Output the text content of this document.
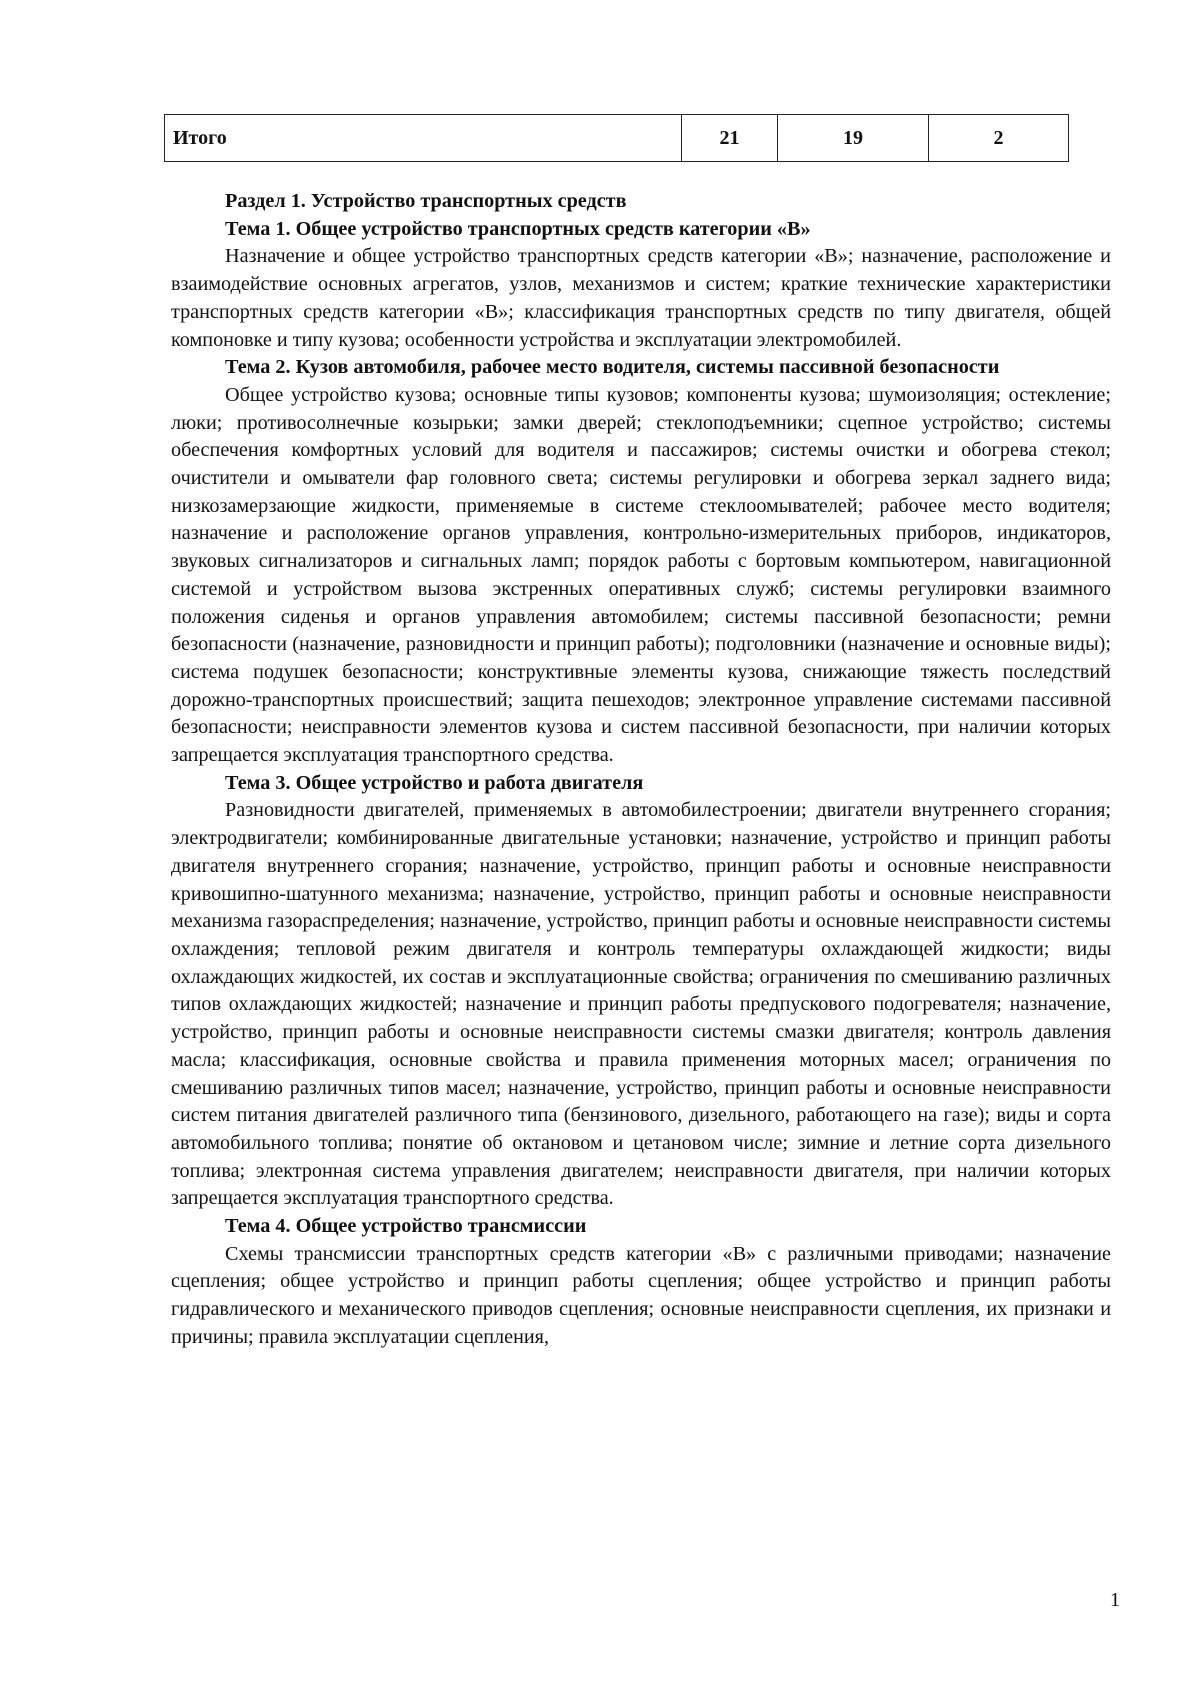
Итого	21	19	2
Раздел 1. Устройство транспортных средств
Тема 1. Общее устройство транспортных средств категории «В»

Назначение и общее устройство транспортных средств категории «В»; назначение, расположение и взаимодействие основных агрегатов, узлов, механизмов и систем; краткие технические характеристики транспортных средств категории «В»; классификация транспортных средств по типу двигателя, общей компоновке и типу кузова; особенности устройства и эксплуатации электромобилей.

Тема 2. Кузов автомобиля, рабочее место водителя, системы пассивной безопасности

Общее устройство кузова; основные типы кузовов; компоненты кузова; шумоизоляция; остекление; люки; противосолнечные козырьки; замки дверей; стеклоподъемники; сцепное устройство; системы обеспечения комфортных условий для водителя и пассажиров; системы очистки и обогрева стекол; очистители и омыватели фар головного света; системы регулировки и обогрева зеркал заднего вида; низкозамерзающие жидкости, применяемые в системе стеклоомывателей; рабочее место водителя; назначение и расположение органов управления, контрольно-измерительных приборов, индикаторов, звуковых сигнализаторов и сигнальных ламп; порядок работы с бортовым компьютером, навигационной системой и устройством вызова экстренных оперативных служб; системы регулировки взаимного положения сиденья и органов управления автомобилем; системы пассивной безопасности; ремни безопасности (назначение, разновидности и принцип работы); подголовники (назначение и основные виды); система подушек безопасности; конструктивные элементы кузова, снижающие тяжесть последствий дорожно-транспортных происшествий; защита пешеходов; электронное управление системами пассивной безопасности; неисправности элементов кузова и систем пассивной безопасности, при наличии которых запрещается эксплуатация транспортного средства.

Тема 3. Общее устройство и работа двигателя

Разновидности двигателей, применяемых в автомобилестроении; двигатели внутреннего сгорания; электродвигатели; комбинированные двигательные установки; назначение, устройство и принцип работы двигателя внутреннего сгорания; назначение, устройство, принцип работы и основные неисправности кривошипно-шатунного механизма; назначение, устройство, принцип работы и основные неисправности механизма газораспределения; назначение, устройство, принцип работы и основные неисправности системы охлаждения; тепловой режим двигателя и контроль температуры охлаждающей жидкости; виды охлаждающих жидкостей, их состав и эксплуатационные свойства; ограничения по смешиванию различных типов охлаждающих жидкостей; назначение и принцип работы предпускового подогревателя; назначение, устройство, принцип работы и основные неисправности системы смазки двигателя; контроль давления масла; классификация, основные свойства и правила применения моторных масел; ограничения по смешиванию различных типов масел; назначение, устройство, принцип работы и основные неисправности систем питания двигателей различного типа (бензинового, дизельного, работающего на газе); виды и сорта автомобильного топлива; понятие об октановом и цетановом числе; зимние и летние сорта дизельного топлива; электронная система управления двигателем; неисправности двигателя, при наличии которых запрещается эксплуатация транспортного средства.

Тема 4. Общее устройство трансмиссии

Схемы трансмиссии транспортных средств категории «В» с различными приводами; назначение сцепления; общее устройство и принцип работы сцепления; общее устройство и принцип работы гидравлического и механического приводов сцепления; основные неисправности сцепления, их признаки и причины; правила эксплуатации сцепления,

1
